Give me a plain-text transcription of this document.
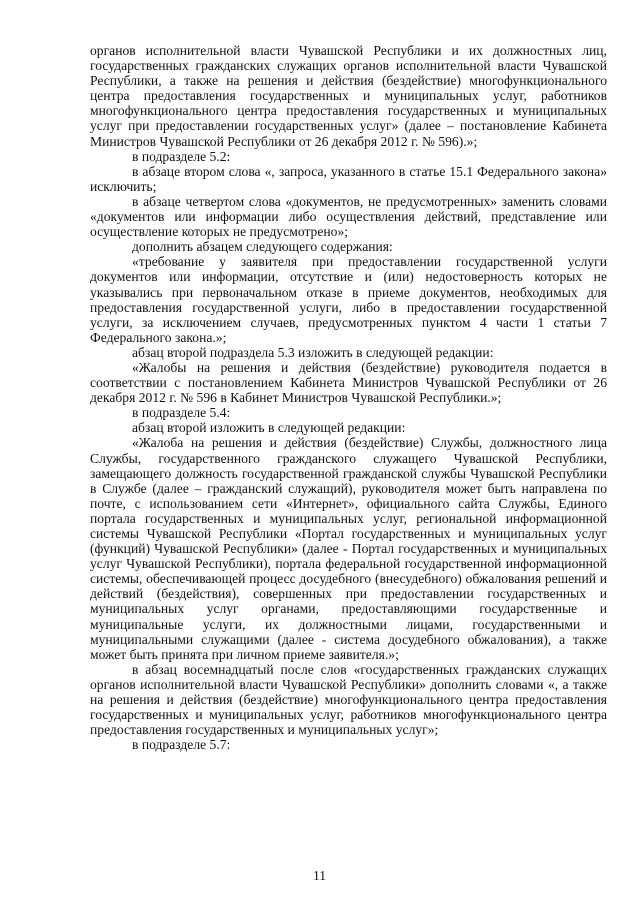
органов исполнительной власти Чувашской Республики и их должностных лиц, государственных гражданских служащих органов исполнительной власти Чувашской Республики, а также на решения и действия (бездействие) многофункционального центра предоставления государственных и муниципальных услуг, работников многофункционального центра предоставления государственных и муниципальных услуг при предоставлении государственных услуг» (далее – постановление Кабинета Министров Чувашской Республики от 26 декабря 2012 г. № 596).»;

в подразделе 5.2:

в абзаце втором слова «, запроса, указанного в статье 15.1 Федерального закона» исключить;

в абзаце четвертом слова «документов, не предусмотренных» заменить словами «документов или информации либо осуществления действий, представление или осуществление которых не предусмотрено»;

дополнить абзацем следующего содержания:

«требование у заявителя при предоставлении государственной услуги документов или информации, отсутствие и (или) недостоверность которых не указывались при первоначальном отказе в приеме документов, необходимых для предоставления государственной услуги, либо в предоставлении государственной услуги, за исключением случаев, предусмотренных пунктом 4 части 1 статьи 7 Федерального закона.»;

абзац второй подраздела 5.3 изложить в следующей редакции:

«Жалобы на решения и действия (бездействие) руководителя подается в соответствии с постановлением Кабинета Министров Чувашской Республики от 26 декабря 2012 г. № 596 в Кабинет Министров Чувашской Республики.»;

в подразделе 5.4:

абзац второй изложить в следующей редакции:

«Жалоба на решения и действия (бездействие) Службы, должностного лица Службы, государственного гражданского служащего Чувашской Республики, замещающего должность государственной гражданской службы Чувашской Республики в Службе (далее – гражданский служащий), руководителя может быть направлена по почте, с использованием сети «Интернет», официального сайта Службы, Единого портала государственных и муниципальных услуг, региональной информационной системы Чувашской Республики «Портал государственных и муниципальных услуг (функций) Чувашской Республики» (далее - Портал государственных и муниципальных услуг Чувашской Республики), портала федеральной государственной информационной системы, обеспечивающей процесс досудебного (внесудебного) обжалования решений и действий (бездействия), совершенных при предоставлении государственных и муниципальных услуг органами, предоставляющими государственные и муниципальные услуги, их должностными лицами, государственными и муниципальными служащими (далее - система досудебного обжалования), а также может быть принята при личном приеме заявителя.»;

в абзац восемнадцатый после слов «государственных гражданских служащих органов исполнительной власти Чувашской Республики» дополнить словами «, а также на решения и действия (бездействие) многофункционального центра предоставления государственных и муниципальных услуг, работников многофункционального центра предоставления государственных и муниципальных услуг»;

в подразделе 5.7:

11
